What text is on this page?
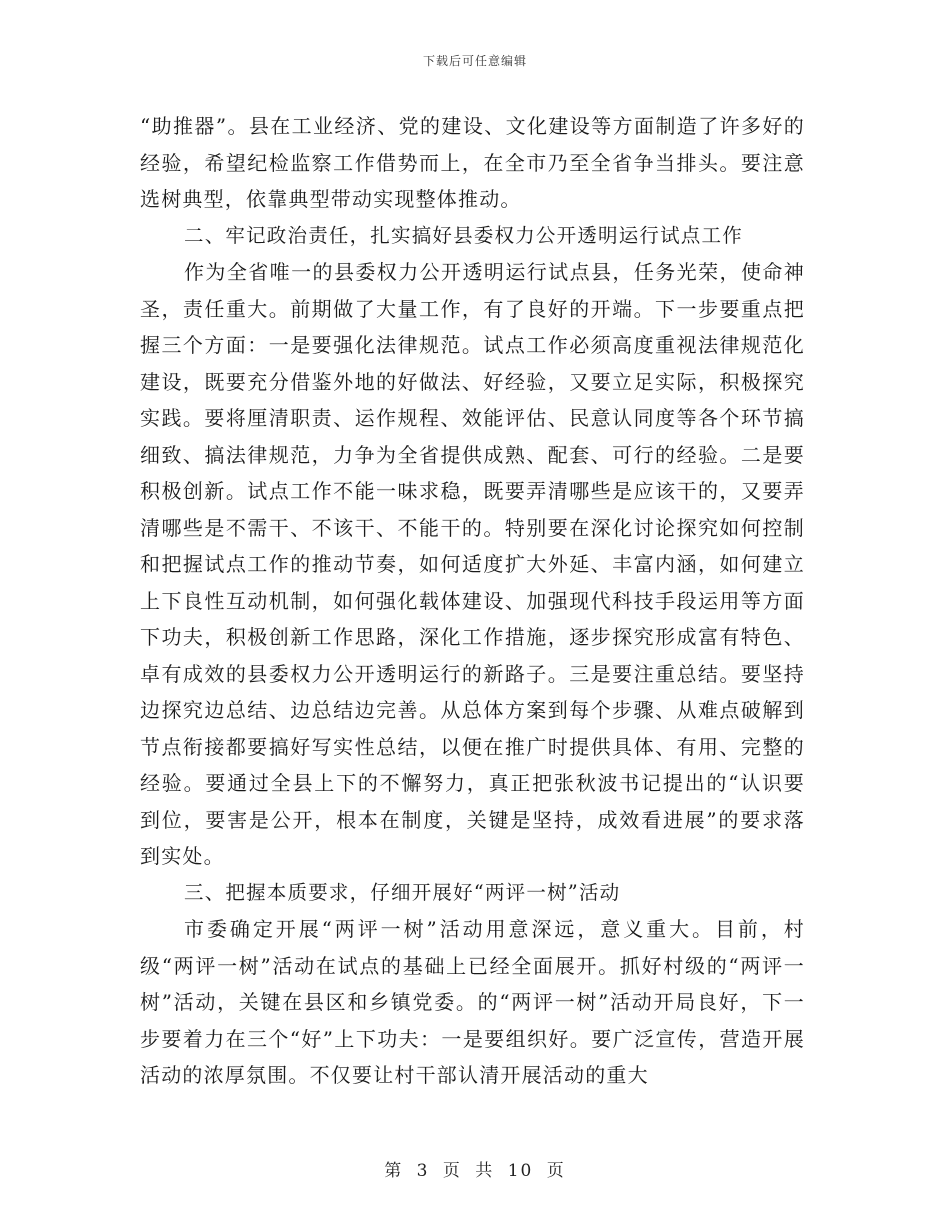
下载后可任意编辑

“助推器”。县在工业经济、党的建设、文化建设等方面制造了许多好的经验，希望纪检监察工作借势而上，在全市乃至全省争当排头。要注意选树典型，依靠典型带动实现整体推动。

二、牢记政治责任，扎实搞好县委权力公开透明运行试点工作

作为全省唯一的县委权力公开透明运行试点县，任务光荣，使命神圣，责任重大。前期做了大量工作，有了良好的开端。下一步要重点把握三个方面：一是要强化法律规范。试点工作必须高度重视法律规范化建设，既要充分借鉴外地的好做法、好经验，又要立足实际，积极探究实践。要将厘清职责、运作规程、效能评估、民意认同度等各个环节搞细致、搞法律规范，力争为全省提供成熟、配套、可行的经验。二是要积极创新。试点工作不能一味求稳，既要弄清哪些是应该干的，又要弄清哪些是不需干、不该干、不能干的。特别要在深化讨论探究如何控制和把握试点工作的推动节奏，如何适度扩大外延、丰富内涵，如何建立上下良性互动机制，如何强化载体建设、加强现代科技手段运用等方面下功夫，积极创新工作思路，深化工作措施，逐步探究形成富有特色、卓有成效的县委权力公开透明运行的新路子。三是要注重总结。要坚持边探究边总结、边总结边完善。从总体方案到每个步骤、从难点破解到节点衔接都要搞好写实性总结，以便在推广时提供具体、有用、完整的经验。要通过全县上下的不懈努力，真正把张秋波书记提出的“认识要到位，要害是公开，根本在制度，关键是坚持，成效看进展”的要求落到实处。

三、把握本质要求，仔细开展好“两评一树”活动

市委确定开展“两评一树”活动用意深远，意义重大。目前，村级“两评一树”活动在试点的基础上已经全面展开。抓好村级的“两评一树”活动，关键在县区和乡镇党委。的“两评一树”活动开局良好，下一步要着力在三个“好”上下功夫：一是要组织好。要广泛宣传，营造开展活动的浓厚氛围。不仅要让村干部认清开展活动的重大

第 3 页 共 10 页
